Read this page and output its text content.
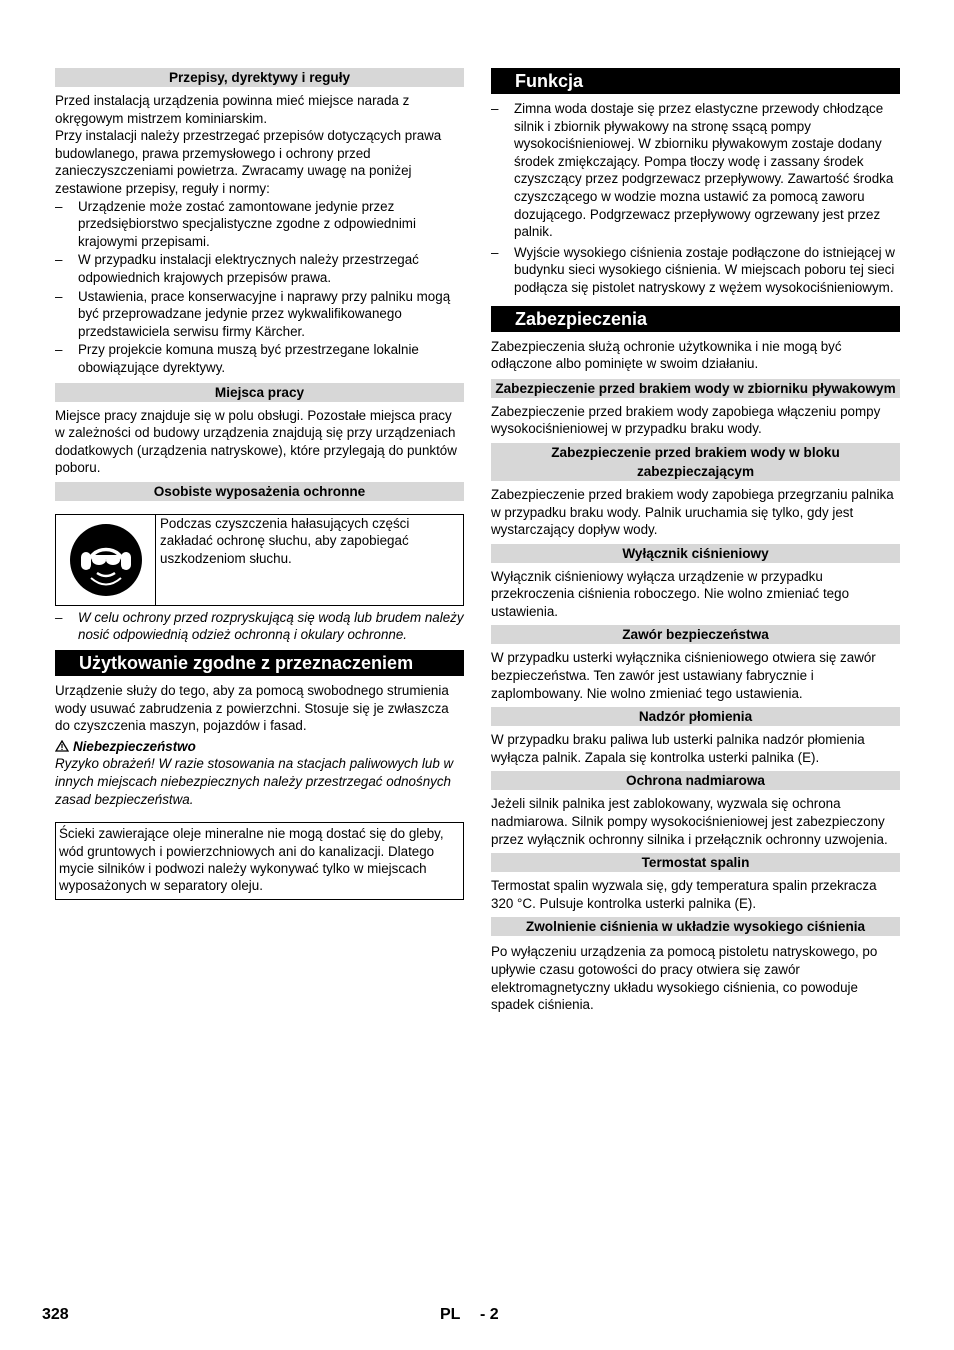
Przepisy, dyrektywy i reguły

Przed instalacją urządzenia powinna mieć miejsce narada z okręgowym mistrzem kominiarskim.

Przy instalacji należy przestrzegać przepisów dotyczących prawa budowlanego, prawa przemysłowego i ochrony przed zanieczyszczeniami powietrza. Zwracamy uwagę na poniżej zestawione przepisy, reguły i normy:

–	Urządzenie może zostać zamontowane jedynie przez przedsiębiorstwo specjalistyczne zgodne z odpowiednimi krajowymi przepisami.
–	W przypadku instalacji elektrycznych należy przestrzegać odpowiednich krajowych przepisów prawa.
–	Ustawienia, prace konserwacyjne i naprawy przy palniku mogą być przeprowadzane jedynie przez wykwalifikowanego przedstawiciela serwisu firmy Kärcher.
–	Przy projekcie komuna muszą być przestrzegane lokalnie obowiązujące dyrektywy.
Miejsca pracy

Miejsce pracy znajduje się w polu obsługi. Pozostałe miejsca pracy w zależności od budowy urządzenia znajdują się przy urządzeniach dodatkowych (urządzenia natryskowe), które przylegają do punktów poboru.

Osobiste wyposażenia ochronne
Podczas czyszczenia hałasujących części zakładać ochronę słuchu, aby zapobiegać uszkodzeniom słuchu.
–	W celu ochrony przed rozpryskującą się wodą lub brudem należy nosić odpowiednią odzież ochronną i okulary ochronne.
Użytkowanie zgodne z przeznaczeniem

Urządzenie służy do tego, aby za pomocą swobodnego strumienia wody usuwać zabrudzenia z powierzchni. Stosuje się je zwłaszcza do czyszczenia maszyn, pojazdów i fasad.

Niebezpieczeństwo

Ryzyko obrażeń! W razie stosowania na stacjach paliwowych lub w innych miejscach niebezpiecznych należy przestrzegać odnośnych zasad bezpieczeństwa.

Ścieki zawierające oleje mineralne nie mogą dostać się do gleby, wód gruntowych i powierzchniowych ani do kanalizacji. Dlatego mycie silników i podwozi należy wykonywać tylko w miejscach wyposażonych w separatory oleju.
Funkcja
–	Zimna woda dostaje się przez elastyczne przewody chłodzące silnik i zbiornik pływakowy na stronę ssącą pompy wysokociśnieniowej. W zbiorniku pływakowym zostaje dodany środek zmiękczający. Pompa tłoczy wodę i zassany środek czyszczący przez podgrzewacz przepływowy. Zawartość środka czyszczącego w wodzie mozna ustawić za pomocą zaworu dozującego. Podgrzewacz przepływowy ogrzewany jest przez palnik.
–	Wyjście wysokiego ciśnienia zostaje podłączone do istniejącej w budynku sieci wysokiego ciśnienia. W miejscach poboru tej sieci podłącza się pistolet natryskowy z wężem wysokociśnieniowym.
Zabezpieczenia

Zabezpieczenia służą ochronie użytkownika i nie mogą być odłączone albo pominięte w swoim działaniu.

Zabezpieczenie przed brakiem wody w zbiorniku pływakowym

Zabezpieczenie przed brakiem wody zapobiega włączeniu pompy wysokociśnieniowej w przypadku braku wody.

Zabezpieczenie przed brakiem wody w bloku zabezpieczającym

Zabezpieczenie przed brakiem wody zapobiega przegrzaniu palnika w przypadku braku wody. Palnik uruchamia się tylko, gdy jest wystarczający dopływ wody.

Wyłącznik ciśnieniowy

Wyłącznik ciśnieniowy wyłącza urządzenie w przypadku przekroczenia ciśnienia roboczego. Nie wolno zmieniać tego ustawienia.

Zawór bezpieczeństwa

W przypadku usterki wyłącznika ciśnieniowego otwiera się zawór bezpieczeństwa. Ten zawór jest ustawiany fabrycznie i zaplombowany. Nie wolno zmieniać tego ustawienia.

Nadzór płomienia

W przypadku braku paliwa lub usterki palnika nadzór płomienia wyłącza palnik. Zapala się kontrolka usterki palnika (E).

Ochrona nadmiarowa

Jeżeli silnik palnika jest zablokowany, wyzwala się ochrona nadmiarowa. Silnik pompy wysokociśnieniowej jest zabezpieczony przez wyłącznik ochronny silnika i przełącznik ochronny uzwojenia.

Termostat spalin

Termostat spalin wyzwala się, gdy temperatura spalin przekracza 320 °C. Pulsuje kontrolka usterki palnika (E).

Zwolnienie ciśnienia w układzie wysokiego ciśnienia

Po wyłączeniu urządzenia za pomocą pistoletu natryskowego, po upływie czasu gotowości do pracy otwiera się zawór elektromagnetyczny układu wysokiego ciśnienia, co powoduje spadek ciśnienia.

328	PL - 2
